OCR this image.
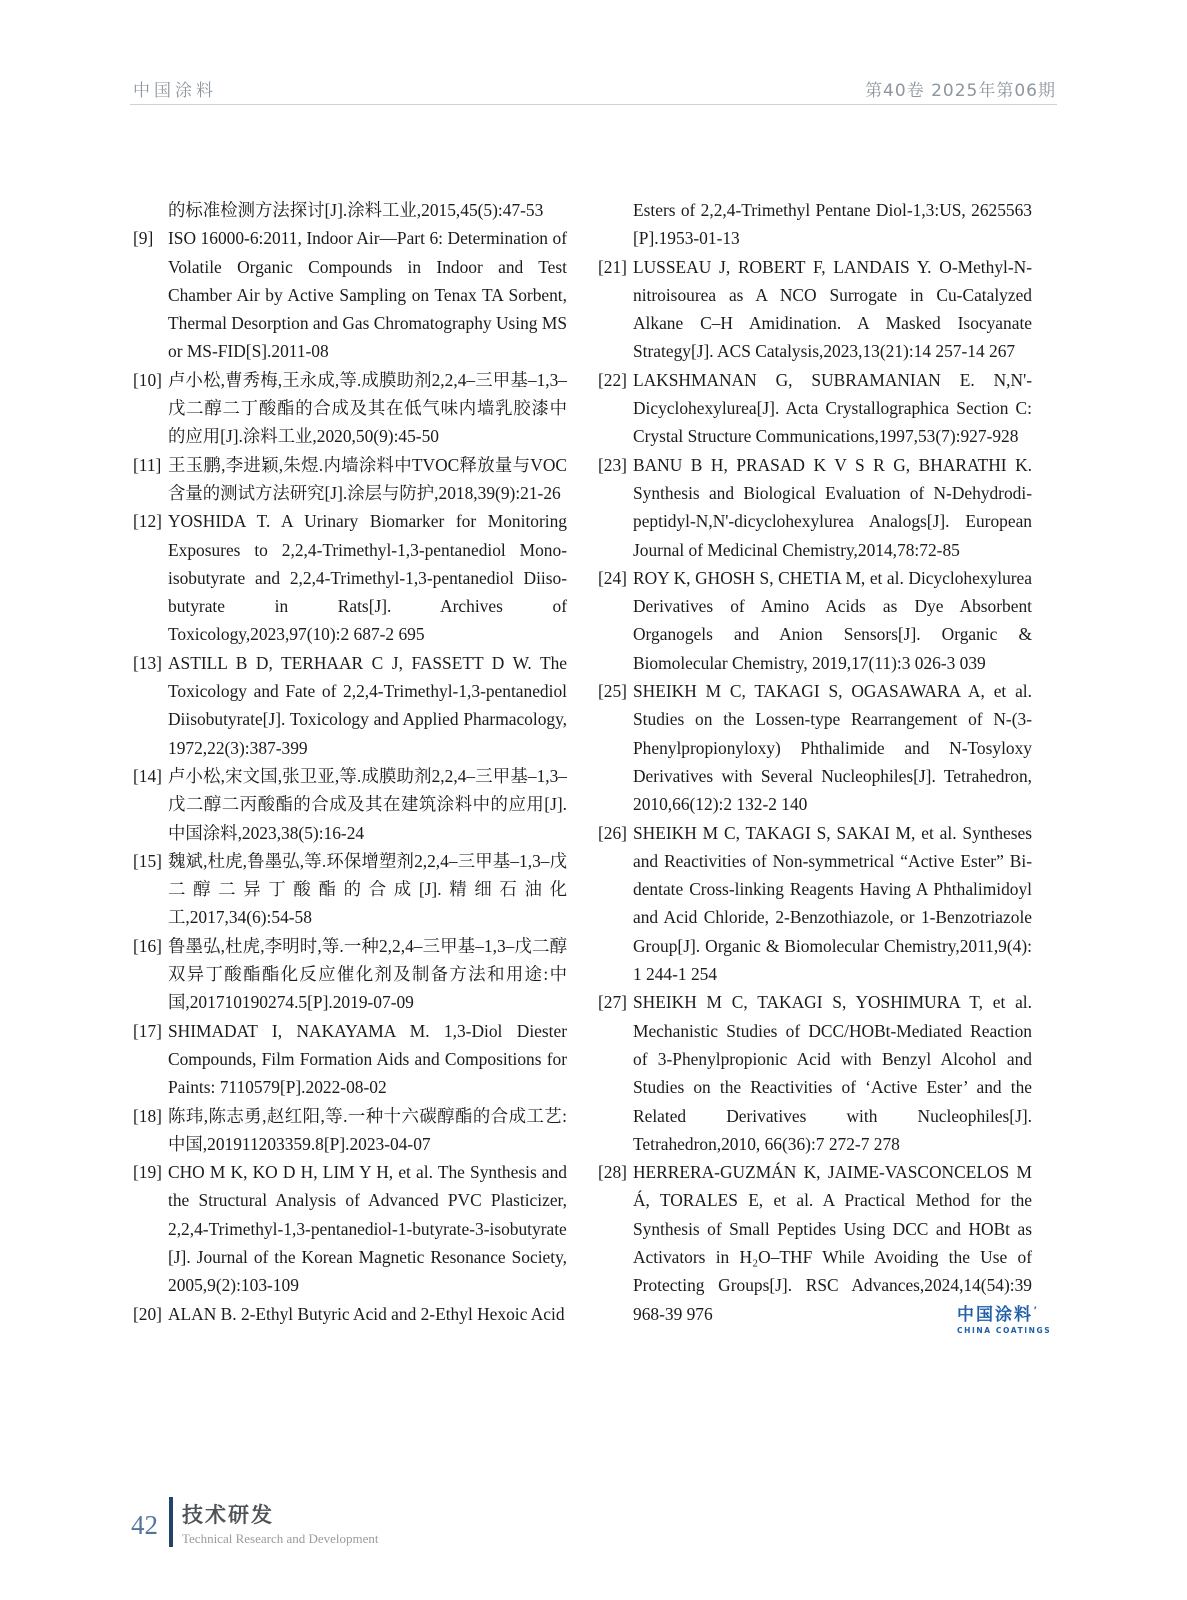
中国涂料	第40卷 2025年第06期
的标准检测方法探讨[J].涂料工业,2015,45(5):47-53
[9] ISO 16000-6:2011, Indoor Air—Part 6: Determination of Volatile Organic Compounds in Indoor and Test Chamber Air by Active Sampling on Tenax TA Sorbent, Thermal Desorption and Gas Chromatography Using MS or MS-FID[S].2011-08
[10] 卢小松,曹秀梅,王永成,等.成膜助剂2,2,4–三甲基–1,3–戊二醇二丁酸酯的合成及其在低气味内墙乳胶漆中的应用[J].涂料工业,2020,50(9):45-50
[11] 王玉鹏,李进颖,朱煜.内墙涂料中TVOC释放量与VOC含量的测试方法研究[J].涂层与防护,2018,39(9):21-26
[12] YOSHIDA T. A Urinary Biomarker for Monitoring Exposures to 2,2,4-Trimethyl-1,3-pentanediol Mono-isobutyrate and 2,2,4-Trimethyl-1,3-pentanediol Diiso-butyrate in Rats[J]. Archives of Toxicology,2023,97(10):2 687-2 695
[13] ASTILL B D, TERHAAR C J, FASSETT D W. The Toxicology and Fate of 2,2,4-Trimethyl-1,3-pentanediol Diisobutyrate[J]. Toxicology and Applied Pharmacology, 1972,22(3):387-399
[14] 卢小松,宋文国,张卫亚,等.成膜助剂2,2,4–三甲基–1,3–戊二醇二丙酸酯的合成及其在建筑涂料中的应用[J].中国涂料,2023,38(5):16-24
[15] 魏斌,杜虎,鲁墨弘,等.环保增塑剂2,2,4–三甲基–1,3–戊二醇二异丁酸酯的合成[J].精细石油化工,2017,34(6):54-58
[16] 鲁墨弘,杜虎,李明时,等.一种2,2,4–三甲基–1,3–戊二醇双异丁酸酯酯化反应催化剂及制备方法和用途:中国,201710190274.5[P].2019-07-09
[17] SHIMADAT I, NAKAYAMA M. 1,3-Diol Diester Compounds, Film Formation Aids and Compositions for Paints: 7110579[P].2022-08-02
[18] 陈玮,陈志勇,赵红阳,等.一种十六碳醇酯的合成工艺:中国,201911203359.8[P].2023-04-07
[19] CHO M K, KO D H, LIM Y H, et al. The Synthesis and the Structural Analysis of Advanced PVC Plasticizer, 2,2,4-Trimethyl-1,3-pentanediol-1-butyrate-3-isobutyrate [J]. Journal of the Korean Magnetic Resonance Society, 2005,9(2):103-109
[20] ALAN B. 2-Ethyl Butyric Acid and 2-Ethyl Hexoic Acid
Esters of 2,2,4-Trimethyl Pentane Diol-1,3:US, 2625563 [P].1953-01-13
[21] LUSSEAU J, ROBERT F, LANDAIS Y. O-Methyl-N-nitroisourea as A NCO Surrogate in Cu-Catalyzed Alkane C–H Amidination. A Masked Isocyanate Strategy[J]. ACS Catalysis,2023,13(21):14 257-14 267
[22] LAKSHMANAN G, SUBRAMANIAN E. N,N'-Dicyclohexylurea[J]. Acta Crystallographica Section C: Crystal Structure Communications,1997,53(7):927-928
[23] BANU B H, PRASAD K V S R G, BHARATHI K. Synthesis and Biological Evaluation of N-Dehydrodi-peptidyl-N,N'-dicyclohexylurea Analogs[J]. European Journal of Medicinal Chemistry,2014,78:72-85
[24] ROY K, GHOSH S, CHETIA M, et al. Dicyclohexylurea Derivatives of Amino Acids as Dye Absorbent Organogels and Anion Sensors[J]. Organic & Biomolecular Chemistry, 2019,17(11):3 026-3 039
[25] SHEIKH M C, TAKAGI S, OGASAWARA A, et al. Studies on the Lossen-type Rearrangement of N-(3-Phenylpropionyloxy) Phthalimide and N-Tosyloxy Derivatives with Several Nucleophiles[J]. Tetrahedron, 2010,66(12):2 132-2 140
[26] SHEIKH M C, TAKAGI S, SAKAI M, et al. Syntheses and Reactivities of Non-symmetrical “Active Ester” Bi-dentate Cross-linking Reagents Having A Phthalimidoyl and Acid Chloride, 2-Benzothiazole, or 1-Benzotriazole Group[J]. Organic & Biomolecular Chemistry,2011,9(4): 1 244-1 254
[27] SHEIKH M C, TAKAGI S, YOSHIMURA T, et al. Mechanistic Studies of DCC/HOBt-Mediated Reaction of 3-Phenylpropionic Acid with Benzyl Alcohol and Studies on the Reactivities of ‘Active Ester’ and the Related Derivatives with Nucleophiles[J]. Tetrahedron,2010, 66(36):7 272-7 278
[28] HERRERA-GUZMÁN K, JAIME-VASCONCELOS M Á, TORALES E, et al. A Practical Method for the Synthesis of Small Peptides Using DCC and HOBt as Activators in H₂O–THF While Avoiding the Use of Protecting Groups[J]. RSC Advances,2024,14(54):39 968-39 976	中国涂料 ’
CHINA COATINGS
42 技术研发
Technical Research and Development
